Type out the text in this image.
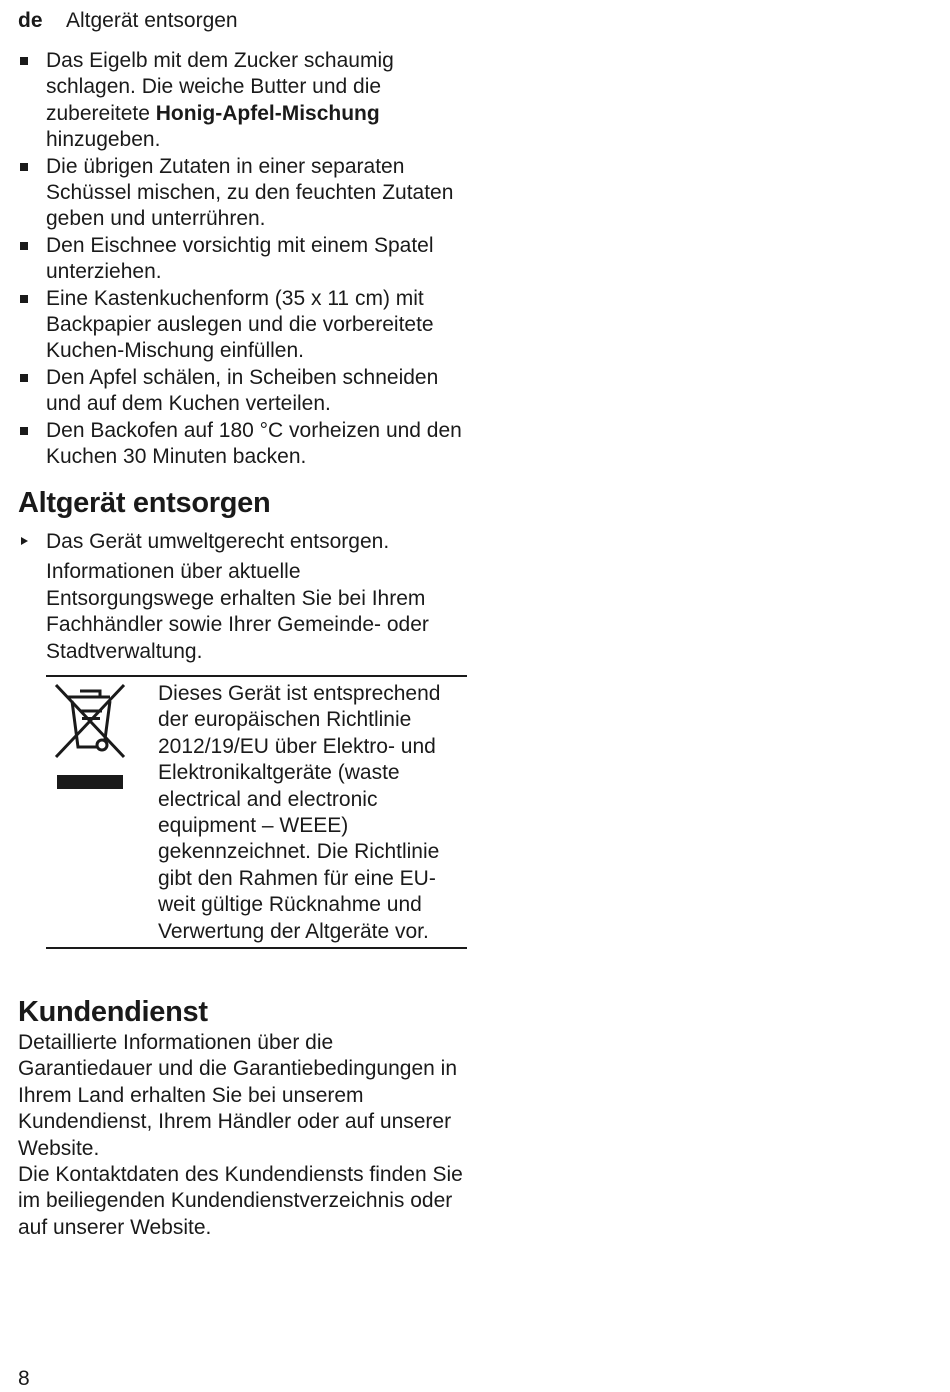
de Altgerät entsorgen
Das Eigelb mit dem Zucker schaumig schlagen. Die weiche Butter und die zubereitete Honig-Apfel-Mischung hinzugeben.
Die übrigen Zutaten in einer separaten Schüssel mischen, zu den feuchten Zutaten geben und unterrühren.
Den Eischnee vorsichtig mit einem Spatel unterziehen.
Eine Kastenkuchenform (35 x 11 cm) mit Backpapier auslegen und die vorbereitete Kuchen-Mischung einfüllen.
Den Apfel schälen, in Scheiben schneiden und auf dem Kuchen verteilen.
Den Backofen auf 180 °C vorheizen und den Kuchen 30 Minuten backen.
Altgerät entsorgen
Das Gerät umweltgerecht entsorgen.
Informationen über aktuelle Entsorgungswege erhalten Sie bei Ihrem Fachhändler sowie Ihrer Gemeinde- oder Stadtverwaltung.
Dieses Gerät ist entsprechend der europäischen Richtlinie 2012/19/EU über Elektro- und Elektronikaltgeräte (waste electrical and electronic equipment – WEEE) gekennzeichnet. Die Richtlinie gibt den Rahmen für eine EU-weit gültige Rücknahme und Verwertung der Altgeräte vor.
Kundendienst

Detaillierte Informationen über die Garantiedauer und die Garantiebedingungen in Ihrem Land erhalten Sie bei unserem Kundendienst, Ihrem Händler oder auf unserer Website.

Die Kontaktdaten des Kundendiensts finden Sie im beiliegenden Kundendienstverzeichnis oder auf unserer Website.

8
